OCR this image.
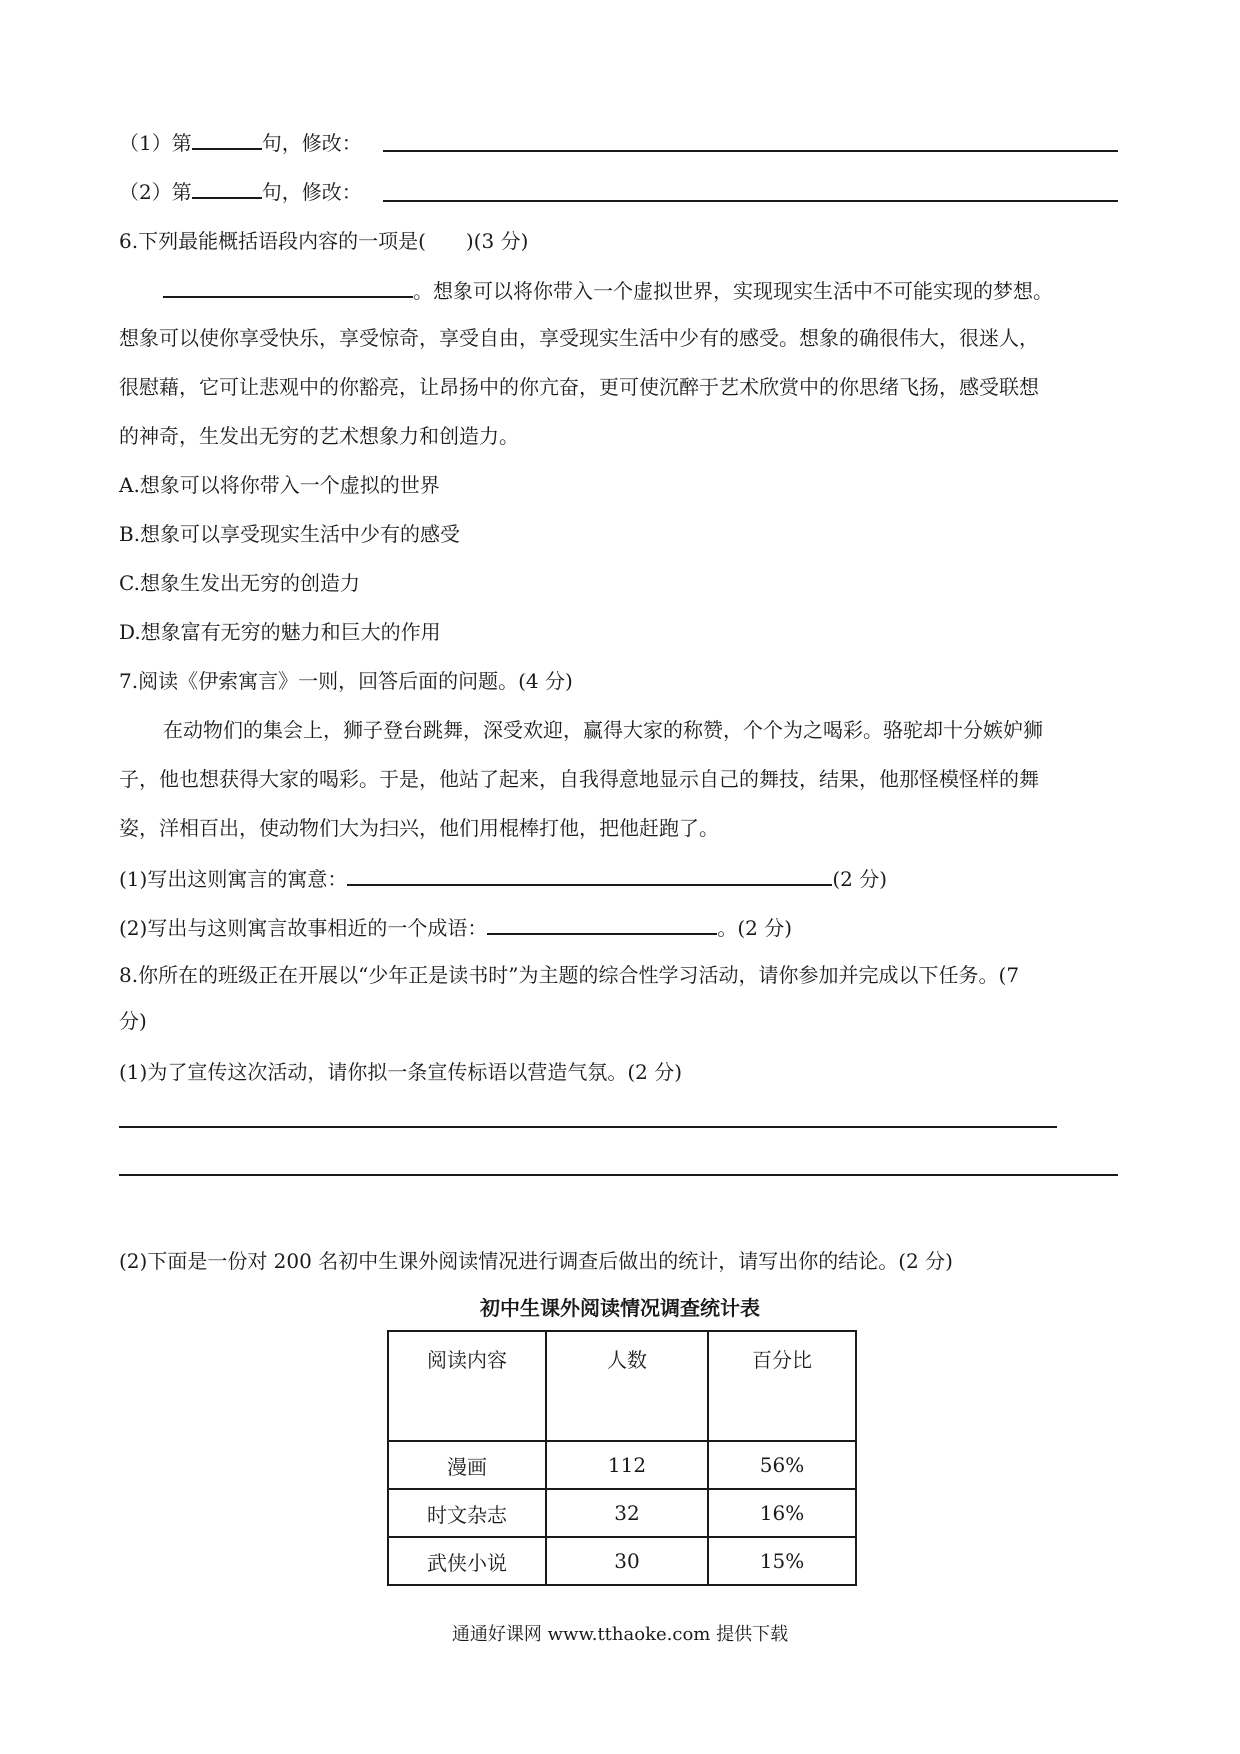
（1）第	句，修改：
（2）第	句，修改：
6.下列最能概括语段内容的一项是(　　)(3 分)
。想象可以将你带入一个虚拟世界，实现现实生活中不可能实现的梦想。
想象可以使你享受快乐，享受惊奇，享受自由，享受现实生活中少有的感受。想象的确很伟大，很迷人，
很慰藉，它可让悲观中的你豁亮，让昂扬中的你亢奋，更可使沉醉于艺术欣赏中的你思绪飞扬，感受联想
的神奇，生发出无穷的艺术想象力和创造力。
A.想象可以将你带入一个虚拟的世界
B.想象可以享受现实生活中少有的感受
C.想象生发出无穷的创造力
D.想象富有无穷的魅力和巨大的作用
7.阅读《伊索寓言》一则，回答后面的问题。(4 分)
在动物们的集会上，狮子登台跳舞，深受欢迎，赢得大家的称赞，个个为之喝彩。骆驼却十分嫉妒狮
子，他也想获得大家的喝彩。于是，他站了起来，自我得意地显示自己的舞技，结果，他那怪模怪样的舞
姿，洋相百出，使动物们大为扫兴，他们用棍棒打他，把他赶跑了。
(1)写出这则寓言的寓意：	(2 分)
(2)写出与这则寓言故事相近的一个成语：	。(2 分)
8.你所在的班级正在开展以“少年正是读书时”为主题的综合性学习活动，请你参加并完成以下任务。(7
分)
(1)为了宣传这次活动，请你拟一条宣传标语以营造气氛。(2 分)
(2)下面是一份对 200 名初中生课外阅读情况进行调查后做出的统计，请写出你的结论。(2 分)
初中生课外阅读情况调查统计表
阅读内容	人数	百分比
漫画	112	56%
时文杂志	32	16%
武侠小说	30	15%
通通好课网 www.tthaoke.com 提供下载
